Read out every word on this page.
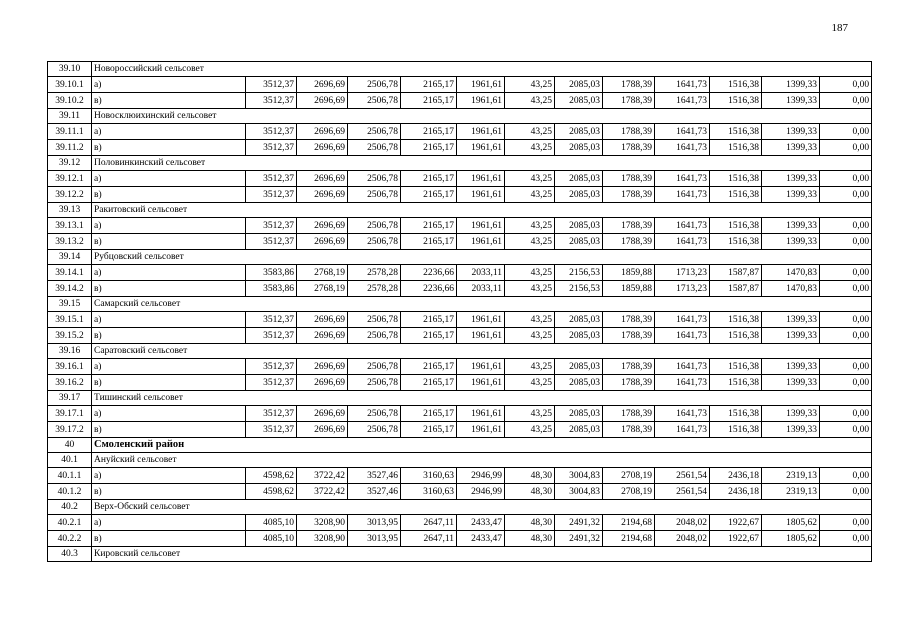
187
39.10	Новороссийский сельсовет												
39.10.1	а)	3512,37	2696,69	2506,78	2165,17	1961,61	43,25	2085,03	1788,39	1641,73	1516,38	1399,33	0,00
39.10.2	в)	3512,37	2696,69	2506,78	2165,17	1961,61	43,25	2085,03	1788,39	1641,73	1516,38	1399,33	0,00
39.11	Новосклюихинский сельсовет												
39.11.1	а)	3512,37	2696,69	2506,78	2165,17	1961,61	43,25	2085,03	1788,39	1641,73	1516,38	1399,33	0,00
39.11.2	в)	3512,37	2696,69	2506,78	2165,17	1961,61	43,25	2085,03	1788,39	1641,73	1516,38	1399,33	0,00
39.12	Половинкинский сельсовет												
39.12.1	а)	3512,37	2696,69	2506,78	2165,17	1961,61	43,25	2085,03	1788,39	1641,73	1516,38	1399,33	0,00
39.12.2	в)	3512,37	2696,69	2506,78	2165,17	1961,61	43,25	2085,03	1788,39	1641,73	1516,38	1399,33	0,00
39.13	Ракитовский сельсовет												
39.13.1	а)	3512,37	2696,69	2506,78	2165,17	1961,61	43,25	2085,03	1788,39	1641,73	1516,38	1399,33	0,00
39.13.2	в)	3512,37	2696,69	2506,78	2165,17	1961,61	43,25	2085,03	1788,39	1641,73	1516,38	1399,33	0,00
39.14	Рубцовский сельсовет												
39.14.1	а)	3583,86	2768,19	2578,28	2236,66	2033,11	43,25	2156,53	1859,88	1713,23	1587,87	1470,83	0,00
39.14.2	в)	3583,86	2768,19	2578,28	2236,66	2033,11	43,25	2156,53	1859,88	1713,23	1587,87	1470,83	0,00
39.15	Самарский сельсовет												
39.15.1	а)	3512,37	2696,69	2506,78	2165,17	1961,61	43,25	2085,03	1788,39	1641,73	1516,38	1399,33	0,00
39.15.2	в)	3512,37	2696,69	2506,78	2165,17	1961,61	43,25	2085,03	1788,39	1641,73	1516,38	1399,33	0,00
39.16	Саратовский сельсовет												
39.16.1	а)	3512,37	2696,69	2506,78	2165,17	1961,61	43,25	2085,03	1788,39	1641,73	1516,38	1399,33	0,00
39.16.2	в)	3512,37	2696,69	2506,78	2165,17	1961,61	43,25	2085,03	1788,39	1641,73	1516,38	1399,33	0,00
39.17	Тишинский сельсовет												
39.17.1	а)	3512,37	2696,69	2506,78	2165,17	1961,61	43,25	2085,03	1788,39	1641,73	1516,38	1399,33	0,00
39.17.2	в)	3512,37	2696,69	2506,78	2165,17	1961,61	43,25	2085,03	1788,39	1641,73	1516,38	1399,33	0,00
40	Смоленский район												
40.1	Ануйский сельсовет												
40.1.1	а)	4598,62	3722,42	3527,46	3160,63	2946,99	48,30	3004,83	2708,19	2561,54	2436,18	2319,13	0,00
40.1.2	в)	4598,62	3722,42	3527,46	3160,63	2946,99	48,30	3004,83	2708,19	2561,54	2436,18	2319,13	0,00
40.2	Верх-Обский сельсовет												
40.2.1	а)	4085,10	3208,90	3013,95	2647,11	2433,47	48,30	2491,32	2194,68	2048,02	1922,67	1805,62	0,00
40.2.2	в)	4085,10	3208,90	3013,95	2647,11	2433,47	48,30	2491,32	2194,68	2048,02	1922,67	1805,62	0,00
40.3	Кировский сельсовет												
